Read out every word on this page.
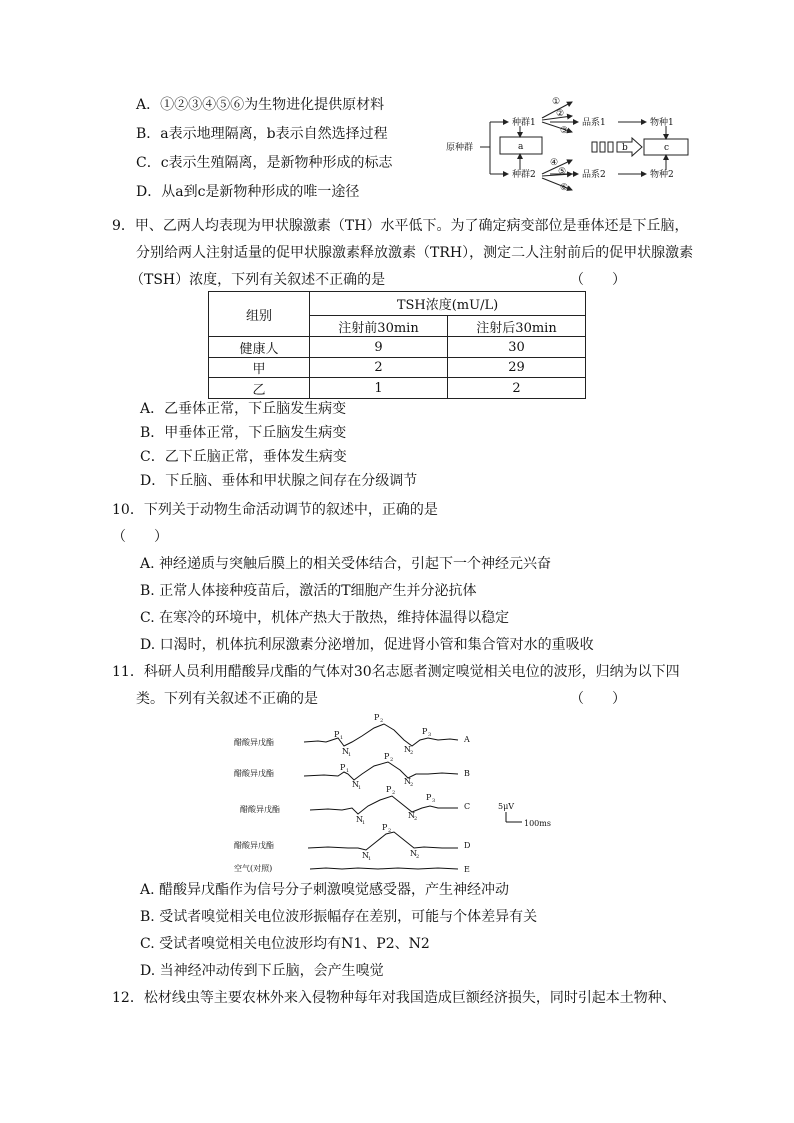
A．①②③④⑤⑥为生物进化提供原材料
B．a表示地理隔离，b表示自然选择过程
C．c表示生殖隔离，是新物种形成的标志
D．从a到c是新物种形成的唯一途径
原种群
种群1
种群2
a	b	c
品系1
品系2
物种1
物种2
①
②
③
④
⑤
⑥
9．甲、乙两人均表现为甲状腺激素（TH）水平低下。为了确定病变部位是垂体还是下丘脑，
分别给两人注射适量的促甲状腺激素释放激素（TRH），测定二人注射前后的促甲状腺激素
（TSH）浓度，下列有关叙述不正确的是	（　　）
组别	TSH浓度(mU/L)	
	注射前30min	注射后30min
健康人	9	30
甲	2	29
乙	1	2
A．乙垂体正常，下丘脑发生病变
B．甲垂体正常，下丘脑发生病变
C．乙下丘脑正常，垂体发生病变
D．下丘脑、垂体和甲状腺之间存在分级调节
10．下列关于动物生命活动调节的叙述中，正确的是
（　　）
A. 神经递质与突触后膜上的相关受体结合，引起下一个神经元兴奋
B. 正常人体接种疫苗后，激活的T细胞产生并分泌抗体
C. 在寒冷的环境中，机体产热大于散热，维持体温得以稳定
D. 口渴时，机体抗利尿激素分泌增加，促进肾小管和集合管对水的重吸收
11．科研人员利用醋酸异戊酯的气体对30名志愿者测定嗅觉相关电位的波形，归纳为以下四
类。下列有关叙述不正确的是	（　　）
醋酸异戊酯
醋酸异戊酯
醋酸异戊酯
醋酸异戊酯
空气(对照)
A
B
C
D
E
5μV
100ms
P 1
P 2
P 3
N 1
N 2
P 1
P 2
N 1
N 2
P 2	P 3
N 1
N 2
P 2
N 1
N 2
A. 醋酸异戊酯作为信号分子刺激嗅觉感受器，产生神经冲动
B. 受试者嗅觉相关电位波形振幅存在差别，可能与个体差异有关
C. 受试者嗅觉相关电位波形均有N1、P2、N2
D. 当神经冲动传到下丘脑，会产生嗅觉
12．松材线虫等主要农林外来入侵物种每年对我国造成巨额经济损失，同时引起本土物种、
